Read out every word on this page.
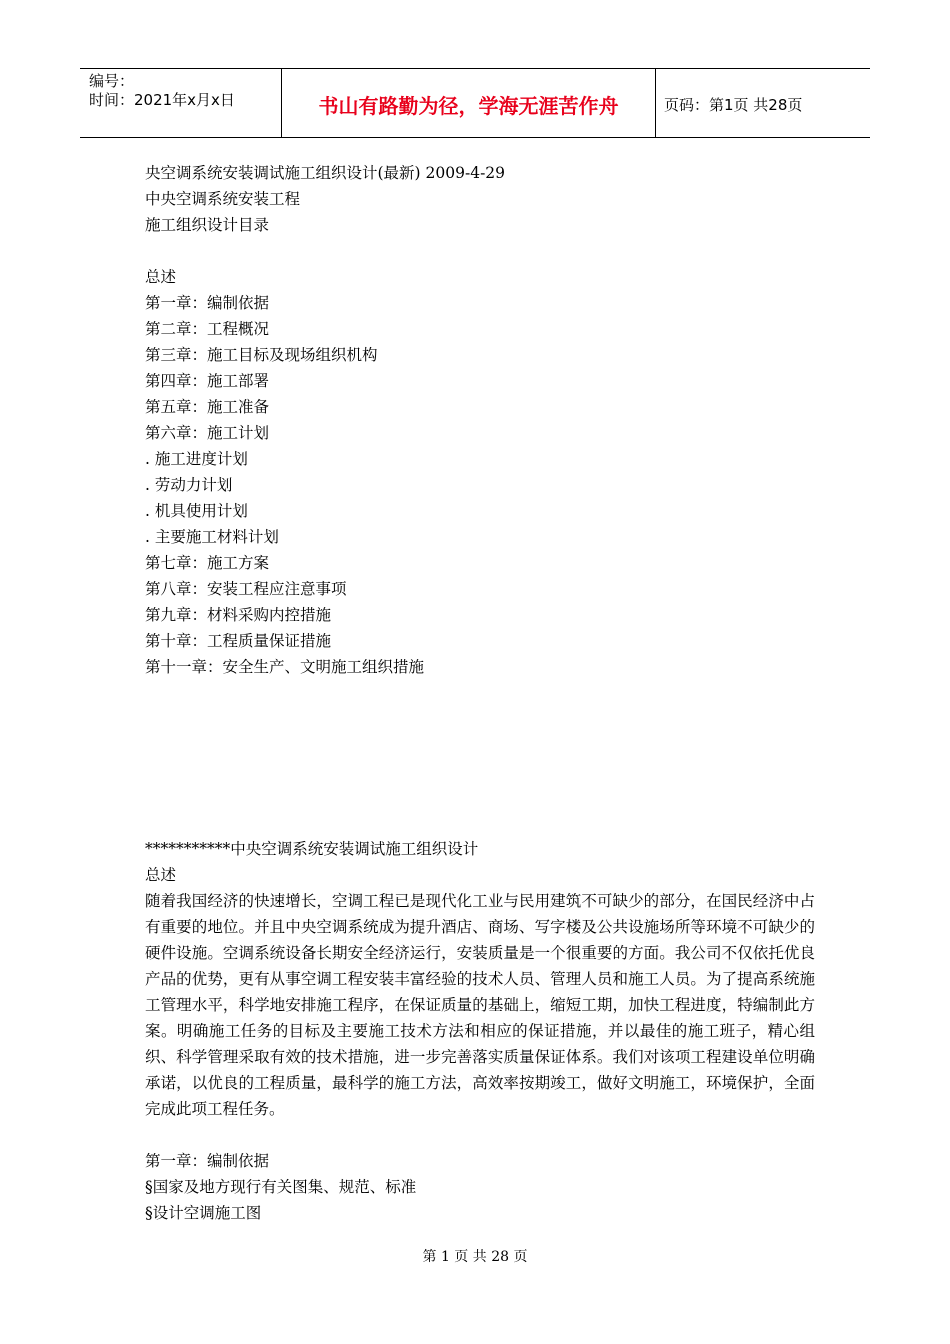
编号：
时间：2021年x月x日	书山有路勤为径，学海无涯苦作舟	页码：第1页 共28页
央空调系统安装调试施工组织设计(最新) 2009-4-29
中央空调系统安装工程
施工组织设计目录
总述
第一章：编制依据
第二章：工程概况
第三章：施工目标及现场组织机构
第四章：施工部署
第五章：施工准备
第六章：施工计划
. 施工进度计划
. 劳动力计划
. 机具使用计划
. 主要施工材料计划
第七章：施工方案
第八章：安装工程应注意事项
第九章：材料采购内控措施
第十章：工程质量保证措施
第十一章：安全生产、文明施工组织措施
***********中央空调系统安装调试施工组织设计
总述
随着我国经济的快速增长，空调工程已是现代化工业与民用建筑不可缺少的部分，在国民经济中占有重要的地位。并且中央空调系统成为提升酒店、商场、写字楼及公共设施场所等环境不可缺少的硬件设施。空调系统设备长期安全经济运行，安装质量是一个很重要的方面。我公司不仅依托优良产品的优势，更有从事空调工程安装丰富经验的技术人员、管理人员和施工人员。为了提高系统施工管理水平，科学地安排施工程序，在保证质量的基础上，缩短工期，加快工程进度，特编制此方案。明确施工任务的目标及主要施工技术方法和相应的保证措施，并以最佳的施工班子，精心组织、科学管理采取有效的技术措施，进一步完善落实质量保证体系。我们对该项工程建设单位明确承诺，以优良的工程质量，最科学的施工方法，高效率按期竣工，做好文明施工，环境保护，全面完成此项工程任务。
第一章：编制依据
§国家及地方现行有关图集、规范、标准
§设计空调施工图
第 1 页 共 28 页
